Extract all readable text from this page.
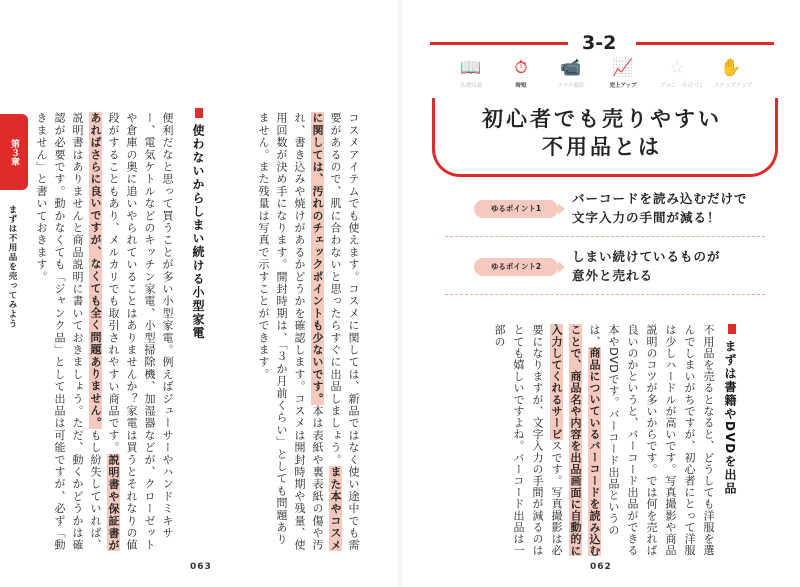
第３章
まずは不用品を売ってみよう	コスメアイテムでも使えます。コスメに関しては、新品ではなく使い途中でも需要があるので、肌に合わないと思ったらすぐに出品しましょう。また本やコスメに関しては、汚れのチェックポイントも少ないです。本は表紙や裏表紙の傷や汚れ、書き込みや焼けがあるかどうかを確認します。コスメは開封時期や残量、使用回数が決め手になります。開封時期は、「３か月前くらい」としても問題ありません。また残量は写真で示すことができます。
使わないからしまい続ける小型家電
便利だなと思って買うことが多い小型家電。例えばジューサーやハンドミキサー、電気ケトルなどのキッチン家電、小型掃除機、加湿器などが、クローゼットや倉庫の奥に追いやられていることはありませんか？家電は買うとそれなりの値段がすることもあり、メルカリでも取引されやすい商品です。説明書や保証書があればさらに良いですが、なくても全く問題ありません。もし紛失していれば、説明書はありませんと商品説明に書いておきましょう。ただ、動くかどうかは確認が必要です。動かなくても「ジャンク品」として出品は可能ですが、必ず「動きません」と書いておきます。
063
3-2
📖
基礎知識
⏱
時短
📹
スマホ撮影
📈
売上アップ
☆
プロに一歩近づく
✋
ステップアップ
初心者でも売りやすい
不用品とは
ゆるポイント1
バーコードを読み込むだけで
文字入力の手間が減る！
ゆるポイント2
しまい続けているものが
意外と売れる
まずは書籍やDVDを出品
不用品を売るとなると、どうしても洋服を選んでしまいがちですが、初心者にとって洋服は少しハードルが高いです。写真撮影や商品説明のコツが多いからです。では何を売れば良いのかというと、バーコード出品ができる本やDVDです。バーコード出品というのは、商品についているバーコードを読み込むことで、商品名や内容を出品画面に自動的に入力してくれるサービスです。写真撮影は必要になりますが、文字入力の手間が減るのはとても嬉しいですよね。バーコード出品は一部の
062
